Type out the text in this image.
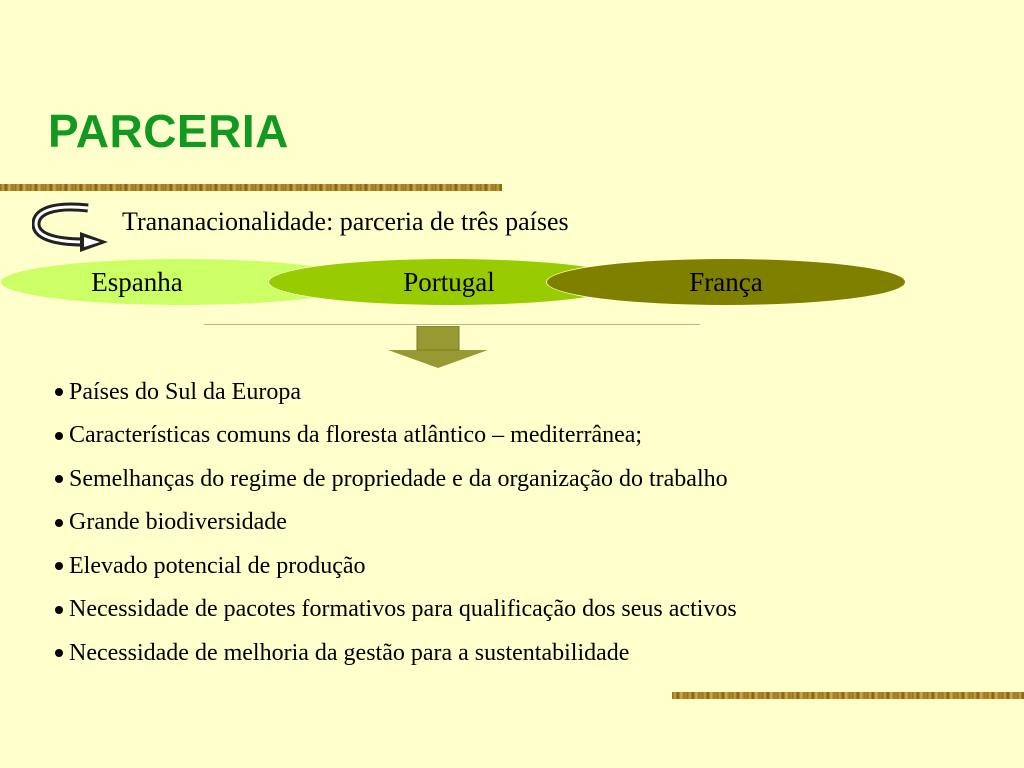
PARCERIA
Trananacionalidade: parceria de três países
Espanha	Portugal	França
Países do Sul da Europa
Características comuns da floresta atlântico – mediterrânea;
Semelhanças do regime de propriedade e da organização do trabalho
Grande biodiversidade
Elevado potencial de produção
Necessidade de pacotes formativos para qualificação dos seus activos
Necessidade de melhoria da gestão para a sustentabilidade
